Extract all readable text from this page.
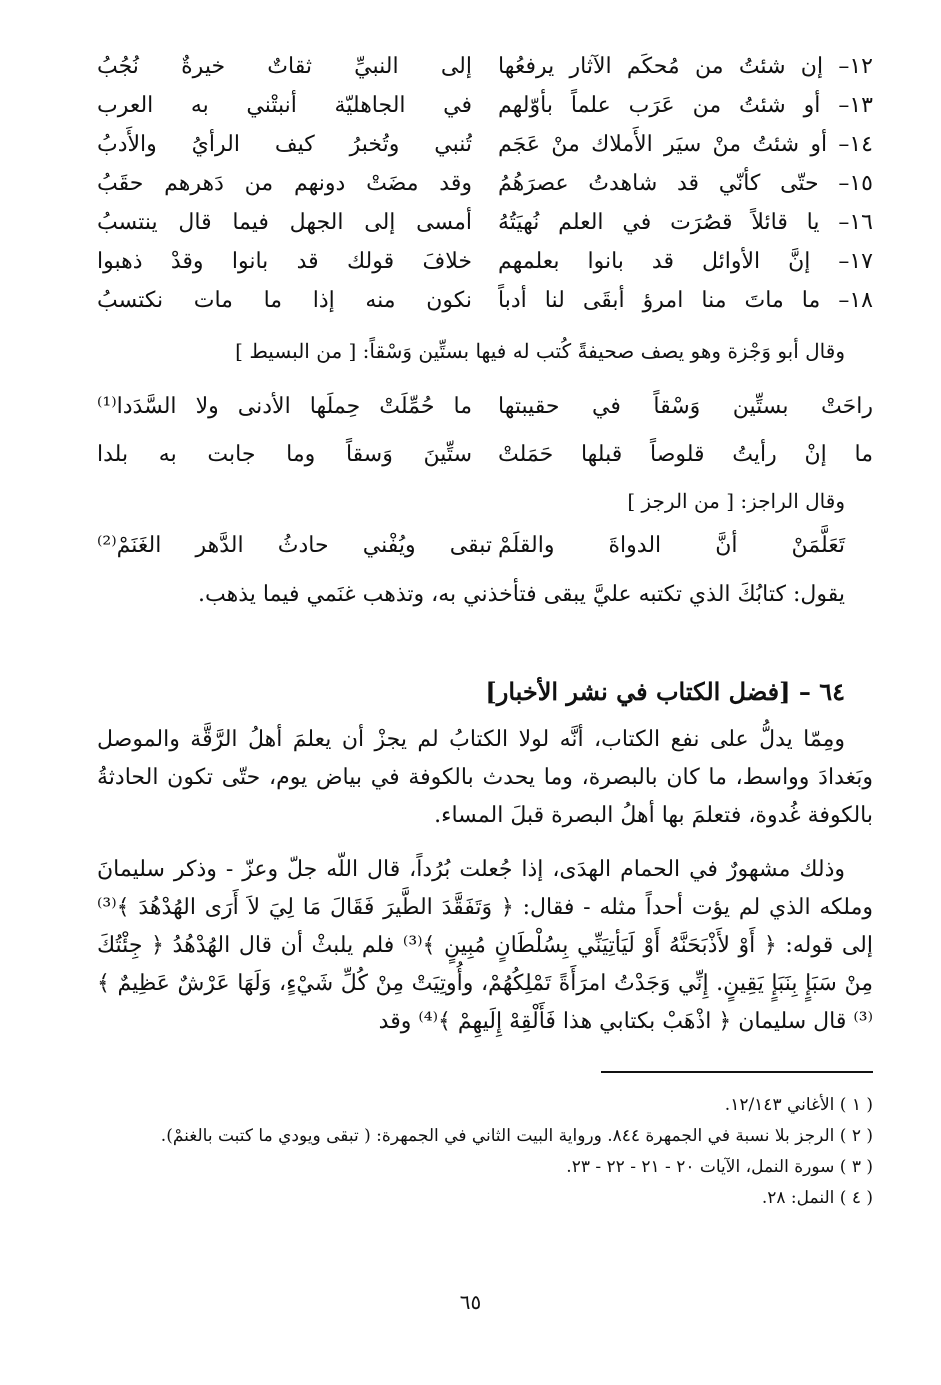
١٢– إن شئتُ من مُحكَم الآثار يرفعُها
إلى النبيِّ ثقاتٌ خيرةٌ نُجُبُ
١٣– أو شئتُ من عَرَب علماً بأوّلهم
في الجاهليّة أنبتْني به العرب
١٤– أو شئتُ منْ سيَر الأَملاك منْ عَجَم
تُنبي وتُخبرُ كيف الرأيُ والأَدبُ
١٥– حتّى كأنّي قد شاهدتُ عصرَهُمُ
وقد مضَتْ دونهم من دَهرهم حقَبُ
١٦– يا قائلاً قصُرَت في العلم نُهيَتُهُ
أمسى إلى الجهل فيما قال ينتسبُ
١٧– إنَّ الأوائل قد بانوا بعلمهم
خلافَ قولك قد بانوا وقدْ ذهبوا
١٨– ما ماتَ منا امرؤ أبقَى لنا أدباً
نكون منه إذا ما مات نكتسبُ
وقال أبو وَجْزة وهو يصف صحيفةً كُتب له فيها بستِّين وَسْقاً: [ من البسيط ]
راحَتْ بستِّين وَسْقاً في حقيبتها
ما حُمِّلَتْ حِملَها الأدنى ولا السَّدَدا⁽¹⁾
ما إنْ رأيتُ قلوصاً قبلها حَمَلتْ
ستِّينَ وَسقاً وما جابت به بلدا
وقال الراجز: [ من الرجز ]
تَعَلَّمَنْ أنَّ الدواةَ والقلَمْ
تبقى ويُفْني حادثُ الدَّهر الغَنَمْ⁽²⁾
يقول: كتابُكَ الذي تكتبه عليَّ يبقى فتأخذني به، وتذهب غنَمي فيما يذهب.
٦٤ – [فضل الكتاب في نشر الأخبار]
ومِمّا يدلُّ على نفع الكتاب، أنَّه لولا الكتابُ لم يجزْ أن يعلمَ أهلُ الرَّقَّة والموصل وبَغدادَ وواسط، ما كان بالبصرة، وما يحدث بالكوفة في بياض يوم، حتّى تكون الحادثةُ بالكوفة غُدوة، فتعلمَ بها أهلُ البصرة قبلَ المساء.
وذلك مشهورٌ في الحمام الهدَى، إذا جُعلت بُرُداً، قال اللّه جلّ وعزّ - وذكر سليمانَ وملكه الذي لم يؤت أحداً مثله - فقال: ﴿ وَتَفَقَّدَ الطَّيرَ فَقَالَ مَا لِيَ لاَ أَرَى الهُدْهُدَ ﴾⁽³⁾ إلى قوله: ﴿ أَوْ لأَذْبَحَنَّهُ أَوْ لَيَأتِيَنِّي بِسُلْطَانٍ مُبِينٍ ﴾⁽³⁾ فلم يلبثْ أن قال الهُدْهُدُ ﴿ جِئْتُكَ مِنْ سَبَإٍ بِنَبَإٍ يَقِينٍ. إِنِّي وَجَدْتُ امرَأَةً تَمْلِكُهُمْ، وأُوتِيَتْ مِنْ كُلِّ شَيْءٍ، وَلَهَا عَرْشٌ عَظِيمٌ ﴾⁽³⁾ قال سليمان ﴿ اذْهَبْ بكتابي هذا فَأَلْقِهْ إِلَيهِمْ ﴾⁽⁴⁾ وقد
( ١ ) الأغاني ١٢/١٤٣.
( ٢ ) الرجز بلا نسبة في الجمهرة ٨٤٤. ورواية البيت الثاني في الجمهرة: ( تبقى ويودي ما كتبت بالغنمْ).
( ٣ ) سورة النمل، الآيات ٢٠ - ٢١ - ٢٢ - ٢٣.
( ٤ ) النمل: ٢٨.
٦٥
